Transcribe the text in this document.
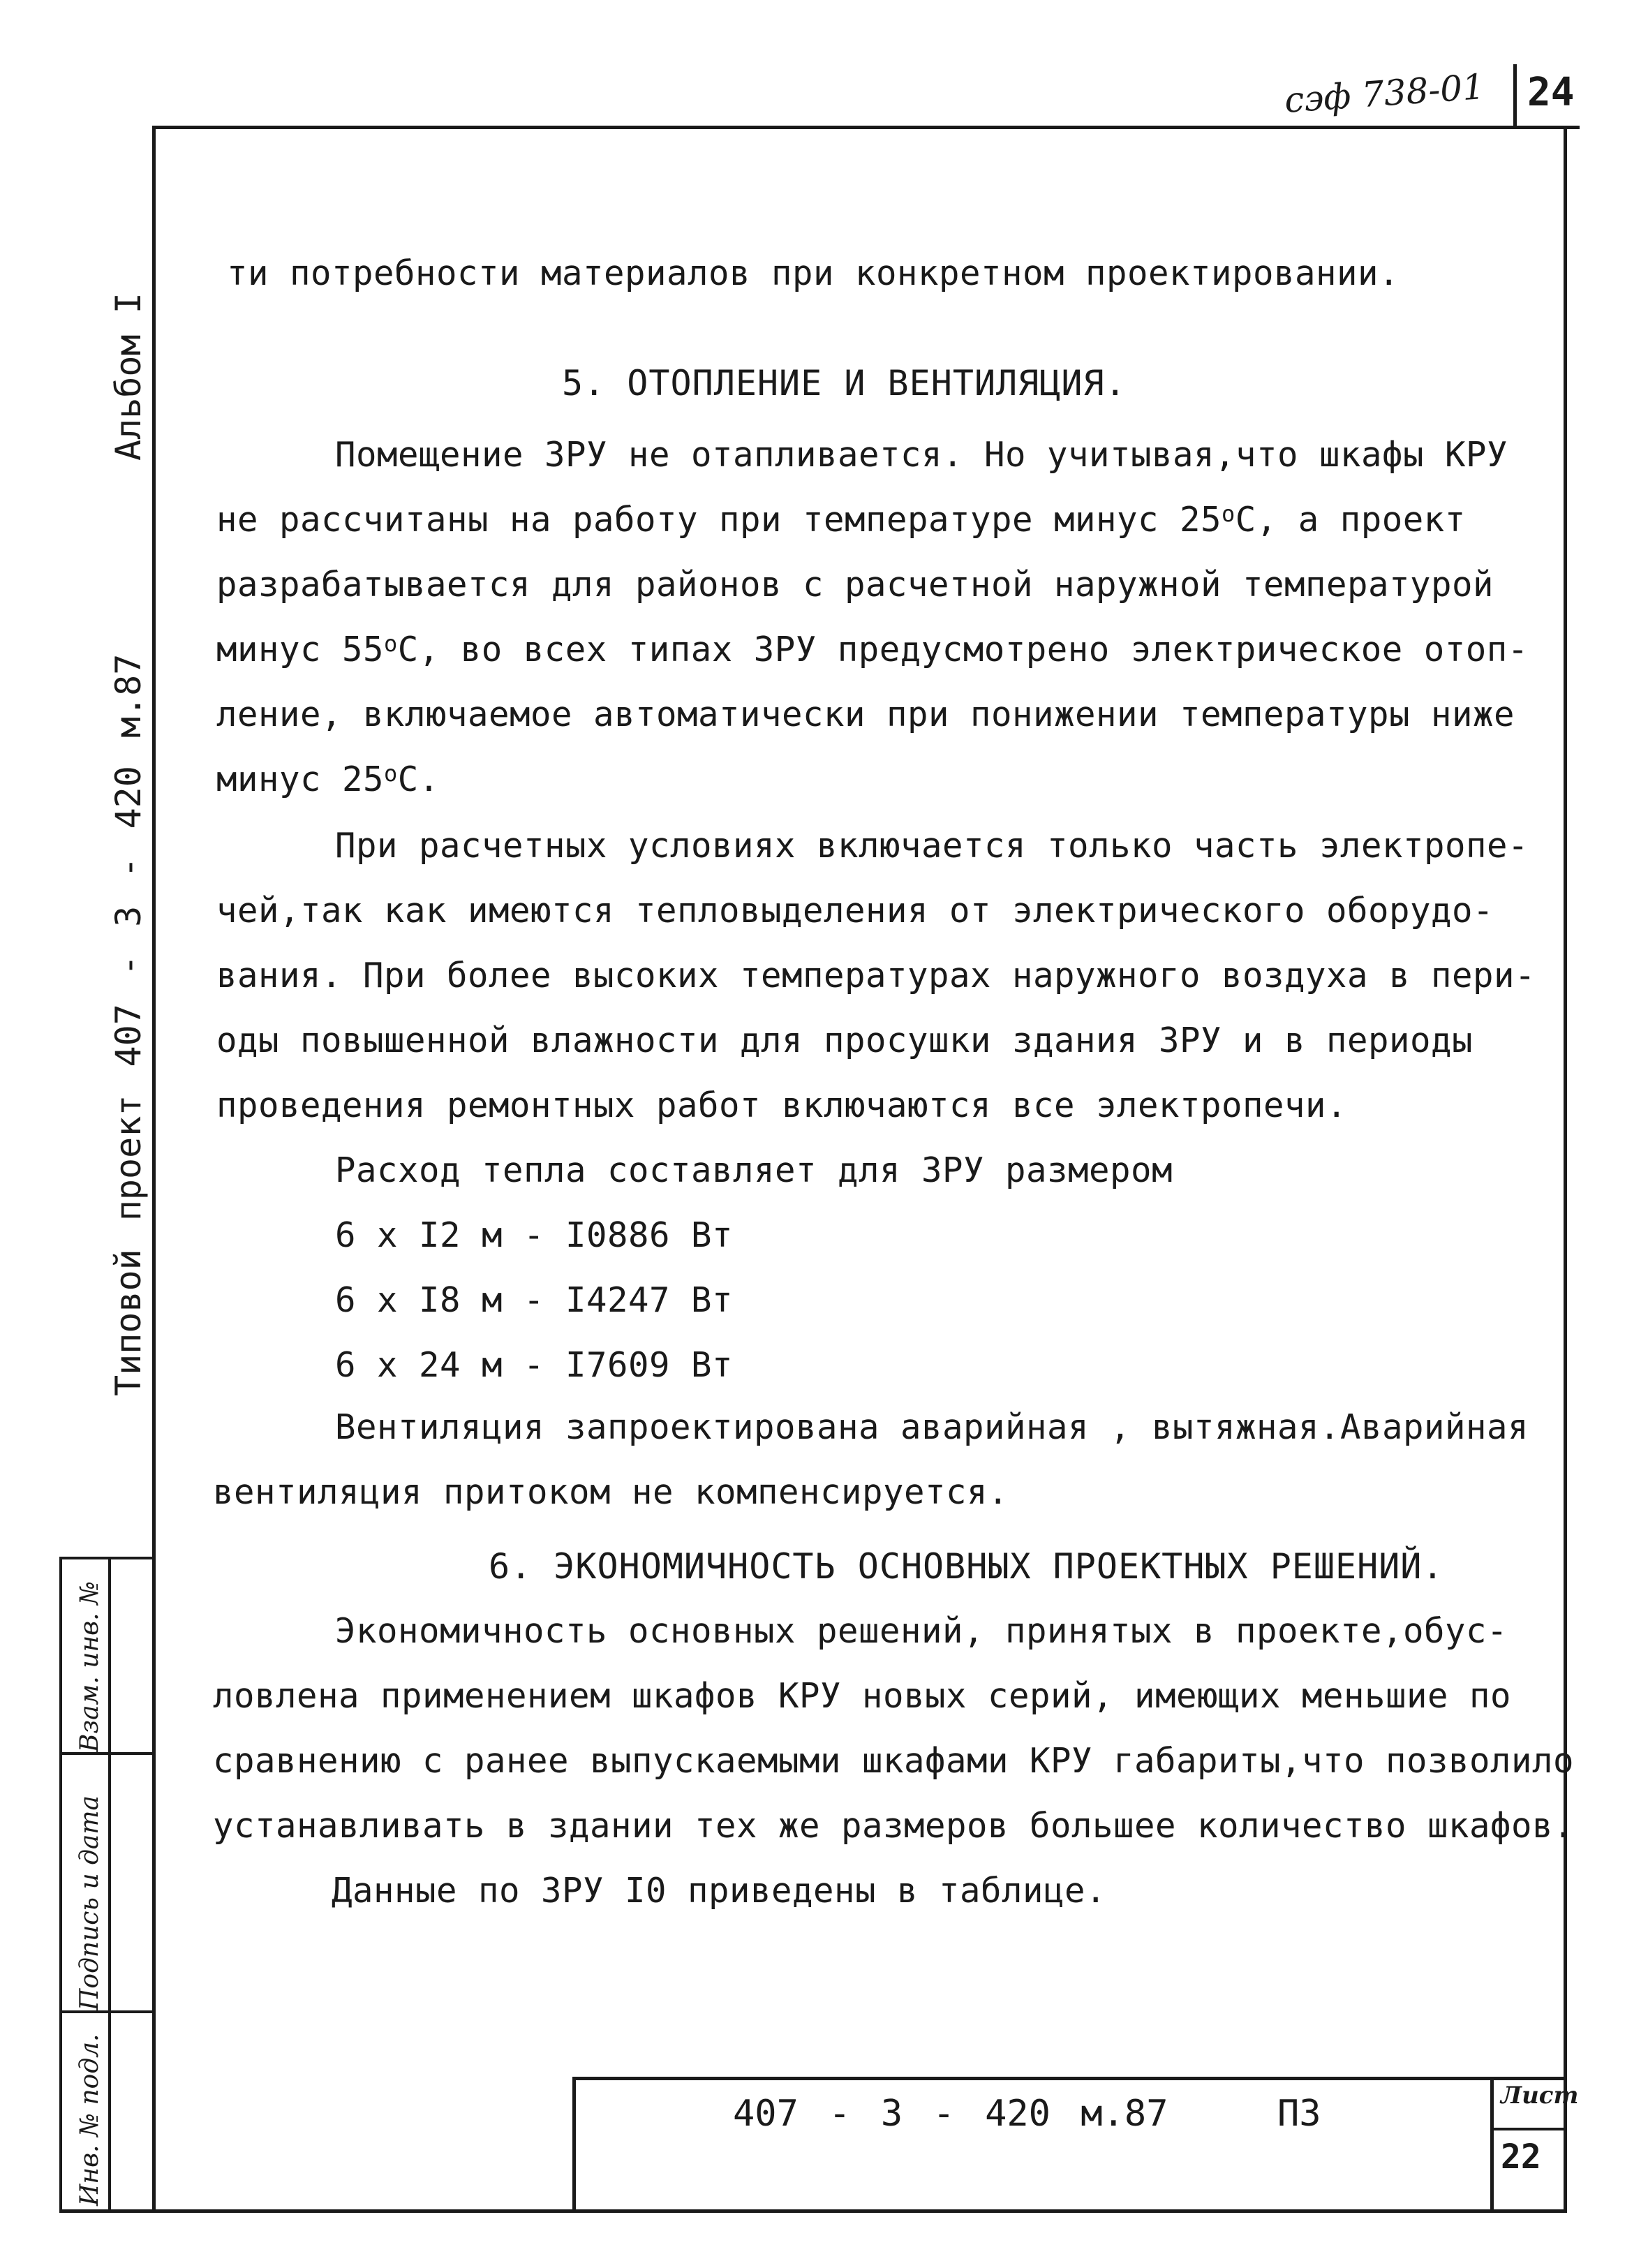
сэф 738-01 24
Альбом I
Типовой проект 407 - 3 - 420 м.87
Взам. инв. №
Подпись и дата
Инв. № подл.
ти потребности материалов при конкретном проектировании.
5. ОТОПЛЕНИЕ И ВЕНТИЛЯЦИЯ.
Помещение ЗРУ не отапливается. Но учитывая,что шкафы КРУ
не рассчитаны на работу при температуре минус $25^оС$, а проект
разрабатывается для районов с расчетной наружной температурой
минус $55^оС$, во всех типах ЗРУ предусмотрено электрическое отоп-
ление, включаемое автоматически при понижении температуры ниже
минус $25^оС$.
При расчетных условиях включается только часть электропе-
чей,так как имеются тепловыделения от электрического оборудо-
вания. При более высоких температурах наружного воздуха в пери-
оды повышенной влажности для просушки здания ЗРУ и в периоды
проведения ремонтных работ включаются все электропечи.
Расход тепла составляет для ЗРУ размером
6 x I2 м - I0886 Вт
6 x I8 м - I4247 Вт
6 x 24 м - I7609 Вт
Вентиляция запроектирована аварийная , вытяжная.Аварийная
вентиляция притоком не компенсируется.
6. ЭКОНОМИЧНОСТЬ ОСНОВНЫХ ПРОЕКТНЫХ РЕШЕНИЙ.
Экономичность основных решений, принятых в проекте,обус-
ловлена применением шкафов КРУ новых серий, имеющих меньшие по
сравнению с ранее выпускаемыми шкафами КРУ габариты,что позволило
устанавливать в здании тех же размеров большее количество шкафов.
Данные по ЗРУ I0 приведены в таблице.
407 - 3 - 420 м.87	ПЗ	Лист
22
